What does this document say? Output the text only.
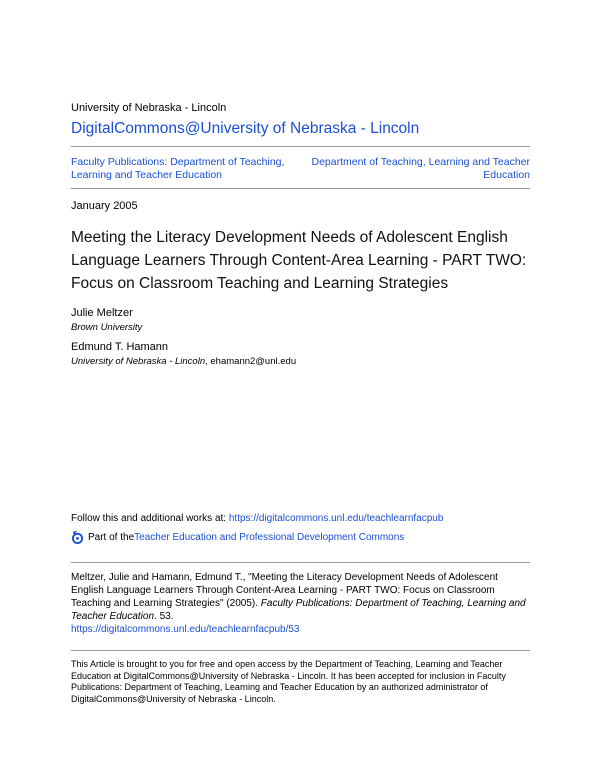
University of Nebraska - Lincoln
DigitalCommons@University of Nebraska - Lincoln
Faculty Publications: Department of Teaching, Learning and Teacher Education
Department of Teaching, Learning and Teacher Education
January 2005
Meeting the Literacy Development Needs of Adolescent English Language Learners Through Content-Area Learning - PART TWO: Focus on Classroom Teaching and Learning Strategies
Julie Meltzer
Brown University
Edmund T. Hamann
University of Nebraska - Lincoln, ehamann2@unl.edu
Follow this and additional works at: https://digitalcommons.unl.edu/teachlearnfacpub
Part of the Teacher Education and Professional Development Commons
Meltzer, Julie and Hamann, Edmund T., "Meeting the Literacy Development Needs of Adolescent English Language Learners Through Content-Area Learning - PART TWO: Focus on Classroom Teaching and Learning Strategies" (2005). Faculty Publications: Department of Teaching, Learning and Teacher Education. 53.
https://digitalcommons.unl.edu/teachlearnfacpub/53
This Article is brought to you for free and open access by the Department of Teaching, Learning and Teacher Education at DigitalCommons@University of Nebraska - Lincoln. It has been accepted for inclusion in Faculty Publications: Department of Teaching, Learning and Teacher Education by an authorized administrator of DigitalCommons@University of Nebraska - Lincoln.
